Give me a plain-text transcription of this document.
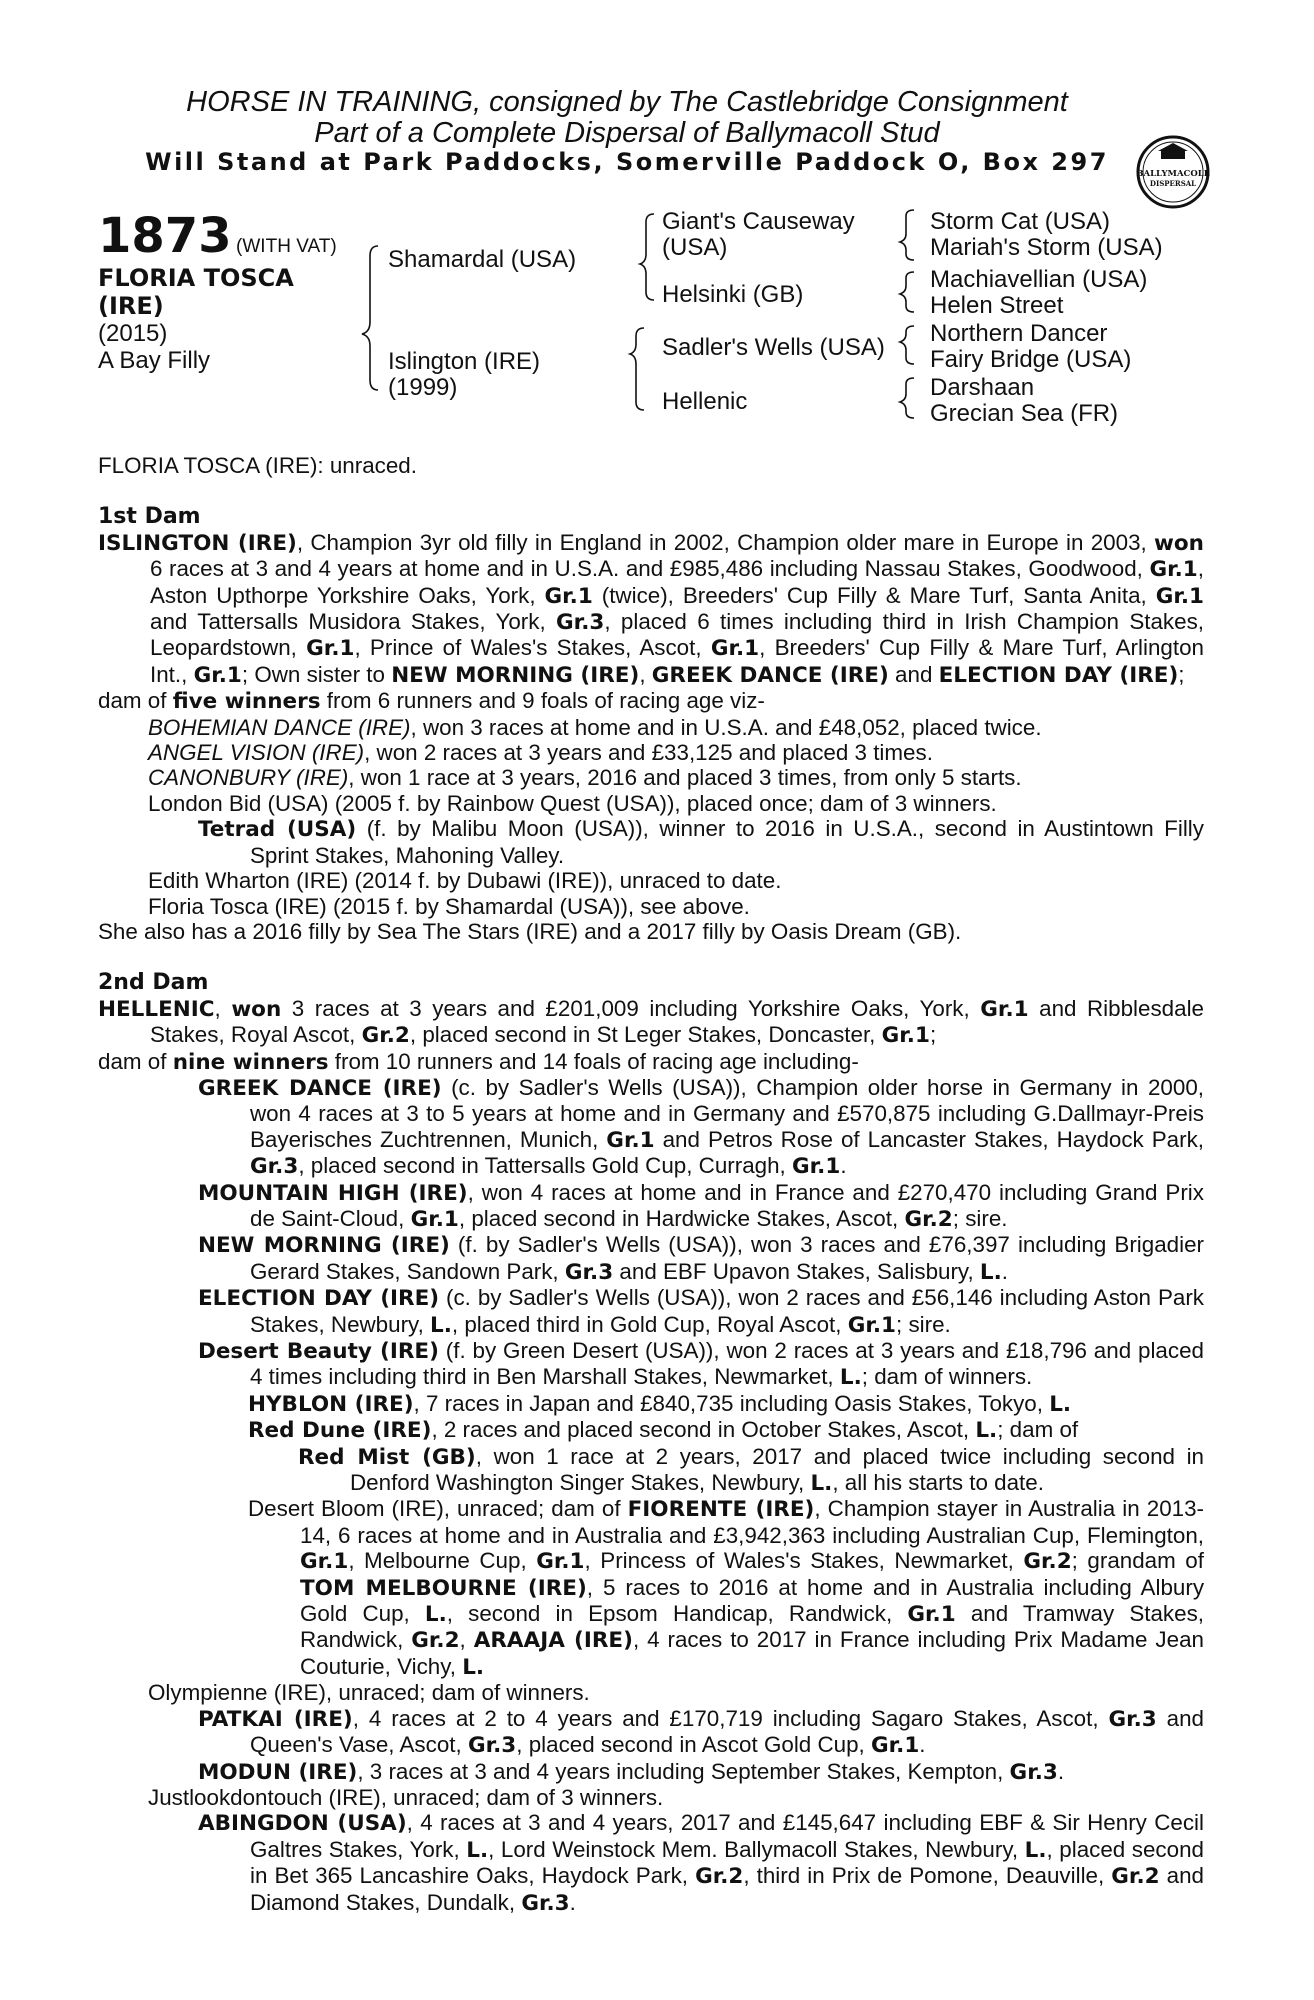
HORSE IN TRAINING, consigned by The Castlebridge Consignment
Part of a Complete Dispersal of Ballymacoll Stud
Will Stand at Park Paddocks, Somerville Paddock O, Box 297	BALLYMACOLL
DISPERSAL
1873 (WITH VAT)
FLORIA TOSCA
(IRE)
(2015)
A Bay Filly
Shamardal (USA)
Islington (IRE)
(1999)
Giant's Causeway
(USA)
Helsinki (GB)
Sadler's Wells (USA)
Hellenic
Storm Cat (USA)
Mariah's Storm (USA)
Machiavellian (USA)
Helen Street
Northern Dancer
Fairy Bridge (USA)
Darshaan
Grecian Sea (FR)

FLORIA TOSCA (IRE): unraced.

1st Dam

ISLINGTON (IRE), Champion 3yr old filly in England in 2002, Champion older mare in Europe in 2003, won 6 races at 3 and 4 years at home and in U.S.A. and £985,486 including Nassau Stakes, Goodwood, Gr.1, Aston Upthorpe Yorkshire Oaks, York, Gr.1 (twice), Breeders' Cup Filly & Mare Turf, Santa Anita, Gr.1 and Tattersalls Musidora Stakes, York, Gr.3, placed 6 times including third in Irish Champion Stakes, Leopardstown, Gr.1, Prince of Wales's Stakes, Ascot, Gr.1, Breeders' Cup Filly & Mare Turf, Arlington Int., Gr.1; Own sister to NEW MORNING (IRE), GREEK DANCE (IRE) and ELECTION DAY (IRE);

dam of five winners from 6 runners and 9 foals of racing age viz-

BOHEMIAN DANCE (IRE), won 3 races at home and in U.S.A. and £48,052, placed twice.

ANGEL VISION (IRE), won 2 races at 3 years and £33,125 and placed 3 times.

CANONBURY (IRE), won 1 race at 3 years, 2016 and placed 3 times, from only 5 starts.

London Bid (USA) (2005 f. by Rainbow Quest (USA)), placed once; dam of 3 winners.

Tetrad (USA) (f. by Malibu Moon (USA)), winner to 2016 in U.S.A., second in Austintown Filly Sprint Stakes, Mahoning Valley.

Edith Wharton (IRE) (2014 f. by Dubawi (IRE)), unraced to date.

Floria Tosca (IRE) (2015 f. by Shamardal (USA)), see above.

She also has a 2016 filly by Sea The Stars (IRE) and a 2017 filly by Oasis Dream (GB).

2nd Dam

HELLENIC, won 3 races at 3 years and £201,009 including Yorkshire Oaks, York, Gr.1 and Ribblesdale Stakes, Royal Ascot, Gr.2, placed second in St Leger Stakes, Doncaster, Gr.1;

dam of nine winners from 10 runners and 14 foals of racing age including-

GREEK DANCE (IRE) (c. by Sadler's Wells (USA)), Champion older horse in Germany in 2000, won 4 races at 3 to 5 years at home and in Germany and £570,875 including G.Dallmayr-Preis Bayerisches Zuchtrennen, Munich, Gr.1 and Petros Rose of Lancaster Stakes, Haydock Park, Gr.3, placed second in Tattersalls Gold Cup, Curragh, Gr.1.

MOUNTAIN HIGH (IRE), won 4 races at home and in France and £270,470 including Grand Prix de Saint-Cloud, Gr.1, placed second in Hardwicke Stakes, Ascot, Gr.2; sire.

NEW MORNING (IRE) (f. by Sadler's Wells (USA)), won 3 races and £76,397 including Brigadier Gerard Stakes, Sandown Park, Gr.3 and EBF Upavon Stakes, Salisbury, L..

ELECTION DAY (IRE) (c. by Sadler's Wells (USA)), won 2 races and £56,146 including Aston Park Stakes, Newbury, L., placed third in Gold Cup, Royal Ascot, Gr.1; sire.

Desert Beauty (IRE) (f. by Green Desert (USA)), won 2 races at 3 years and £18,796 and placed 4 times including third in Ben Marshall Stakes, Newmarket, L.; dam of winners.

HYBLON (IRE), 7 races in Japan and £840,735 including Oasis Stakes, Tokyo, L.

Red Dune (IRE), 2 races and placed second in October Stakes, Ascot, L.; dam of

Red Mist (GB), won 1 race at 2 years, 2017 and placed twice including second in Denford Washington Singer Stakes, Newbury, L., all his starts to date.

Desert Bloom (IRE), unraced; dam of FIORENTE (IRE), Champion stayer in Australia in 2013-14, 6 races at home and in Australia and £3,942,363 including Australian Cup, Flemington, Gr.1, Melbourne Cup, Gr.1, Princess of Wales's Stakes, Newmarket, Gr.2; grandam of TOM MELBOURNE (IRE), 5 races to 2016 at home and in Australia including Albury Gold Cup, L., second in Epsom Handicap, Randwick, Gr.1 and Tramway Stakes, Randwick, Gr.2, ARAAJA (IRE), 4 races to 2017 in France including Prix Madame Jean Couturie, Vichy, L.

Olympienne (IRE), unraced; dam of winners.

PATKAI (IRE), 4 races at 2 to 4 years and £170,719 including Sagaro Stakes, Ascot, Gr.3 and Queen's Vase, Ascot, Gr.3, placed second in Ascot Gold Cup, Gr.1.

MODUN (IRE), 3 races at 3 and 4 years including September Stakes, Kempton, Gr.3.

Justlookdontouch (IRE), unraced; dam of 3 winners.

ABINGDON (USA), 4 races at 3 and 4 years, 2017 and £145,647 including EBF & Sir Henry Cecil Galtres Stakes, York, L., Lord Weinstock Mem. Ballymacoll Stakes, Newbury, L., placed second in Bet 365 Lancashire Oaks, Haydock Park, Gr.2, third in Prix de Pomone, Deauville, Gr.2 and Diamond Stakes, Dundalk, Gr.3.
